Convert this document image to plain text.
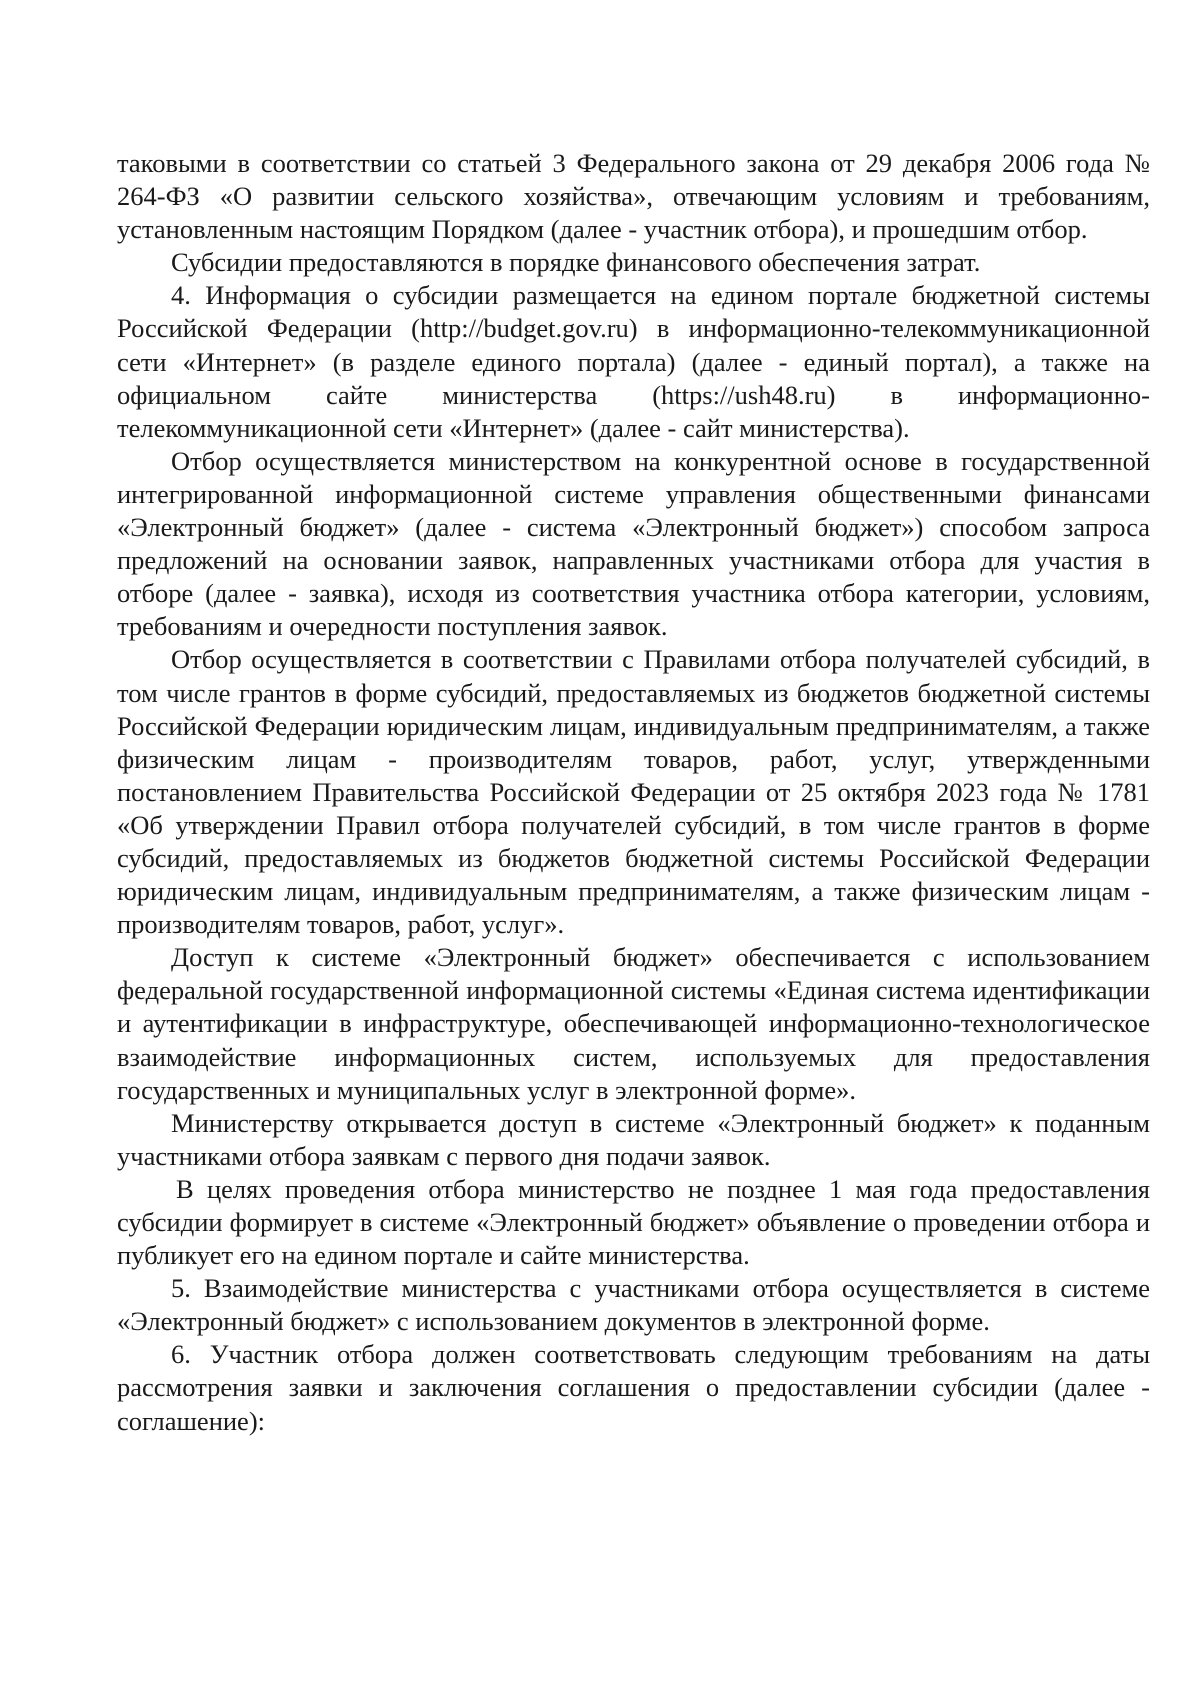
таковыми в соответствии со статьей 3 Федерального закона от 29 декабря 2006 года № 264-ФЗ «О развитии сельского хозяйства», отвечающим условиям и требованиям, установленным настоящим Порядком (далее - участник отбора), и прошедшим отбор.

Субсидии предоставляются в порядке финансового обеспечения затрат.

4. Информация о субсидии размещается на едином портале бюджетной системы Российской Федерации (http://budget.gov.ru) в информационно-телекоммуникационной сети «Интернет» (в разделе единого портала) (далее - единый портал), а также на официальном сайте министерства (https://ush48.ru) в информационно-телекоммуникационной сети «Интернет» (далее - сайт министерства).

Отбор осуществляется министерством на конкурентной основе в государственной интегрированной информационной системе управления общественными финансами «Электронный бюджет» (далее - система «Электронный бюджет») способом запроса предложений на основании заявок, направленных участниками отбора для участия в отборе (далее - заявка), исходя из соответствия участника отбора категории, условиям, требованиям и очередности поступления заявок.

Отбор осуществляется в соответствии с Правилами отбора получателей субсидий, в том числе грантов в форме субсидий, предоставляемых из бюджетов бюджетной системы Российской Федерации юридическим лицам, индивидуальным предпринимателям, а также физическим лицам - производителям товаров, работ, услуг, утвержденными постановлением Правительства Российской Федерации от 25 октября 2023 года № 1781 «Об утверждении Правил отбора получателей субсидий, в том числе грантов в форме субсидий, предоставляемых из бюджетов бюджетной системы Российской Федерации юридическим лицам, индивидуальным предпринимателям, а также физическим лицам - производителям товаров, работ, услуг».

Доступ к системе «Электронный бюджет» обеспечивается с использованием федеральной государственной информационной системы «Единая система идентификации и аутентификации в инфраструктуре, обеспечивающей информационно-технологическое взаимодействие информационных систем, используемых для предоставления государственных и муниципальных услуг в электронной форме».

Министерству открывается доступ в системе «Электронный бюджет» к поданным участниками отбора заявкам с первого дня подачи заявок.

В целях проведения отбора министерство не позднее 1 мая года предоставления субсидии формирует в системе «Электронный бюджет» объявление о проведении отбора и публикует его на едином портале и сайте министерства.

5. Взаимодействие министерства с участниками отбора осуществляется в системе «Электронный бюджет» с использованием документов в электронной форме.

6. Участник отбора должен соответствовать следующим требованиям на даты рассмотрения заявки и заключения соглашения о предоставлении субсидии (далее - соглашение):
